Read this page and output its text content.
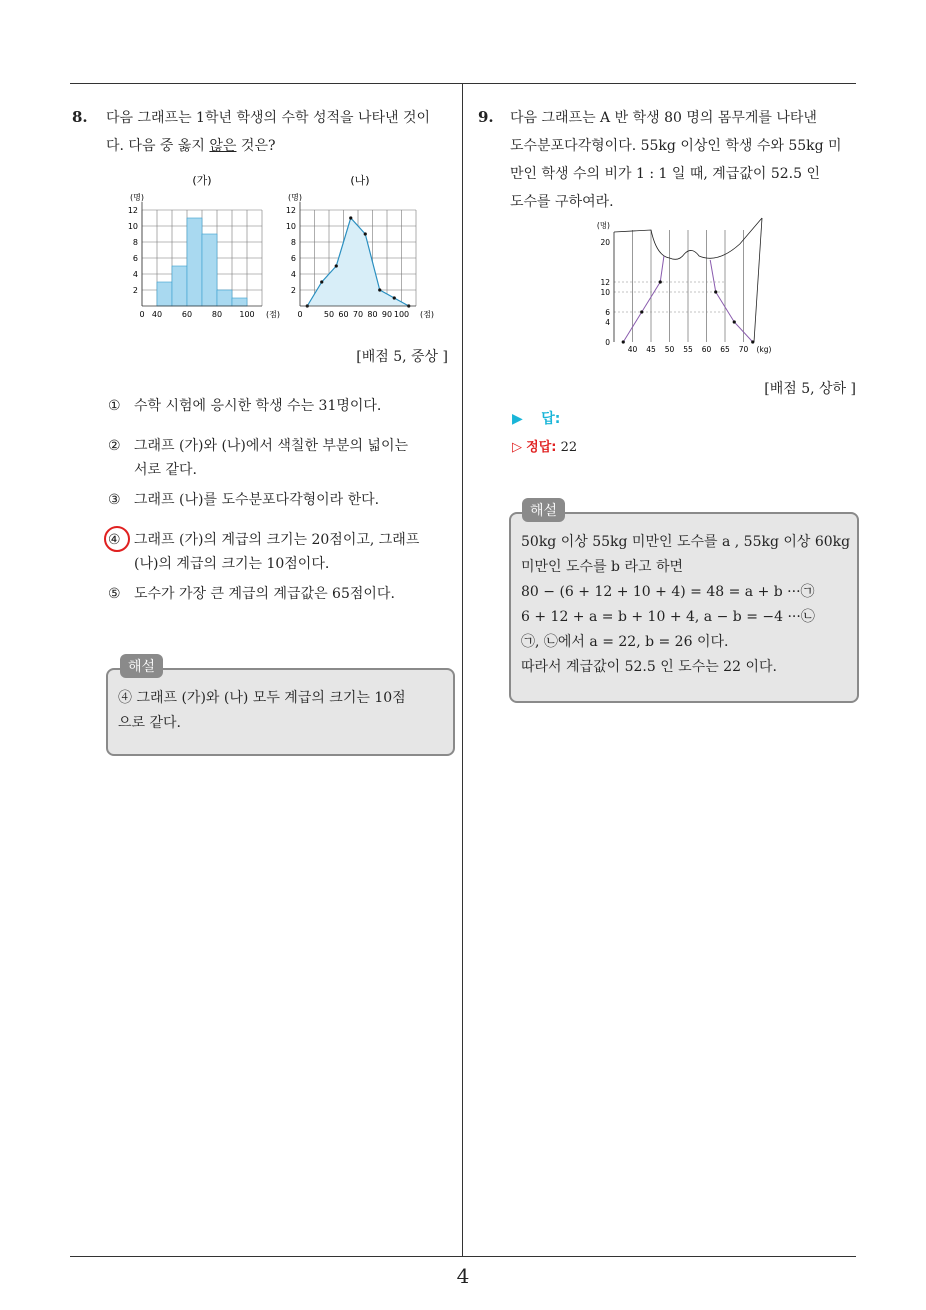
8. 다음 그래프는 1학년 학생의 수학 성적을 나타낸 것이
다. 다음 중 옳지 않은 것은?
(가)	(나)
2
4
6
8
10
12
(명)
0 40 60 80 100 (점)
2
4
6
8
10
12
(명)
0	50 60 70 80 90 100 (점)
[배점 5, 중상 ]
① 수학 시험에 응시한 학생 수는 31명이다.
② 그래프 (가)와 (나)에서 색칠한 부분의 넓이는
서로 같다.
③ 그래프 (나)를 도수분포다각형이라 한다.
④ 그래프 (가)의 계급의 크기는 20점이고, 그래프
(나)의 계급의 크기는 10점이다.
⑤ 도수가 가장 큰 계급의 계급값은 65점이다.
해설
④ 그래프 (가)와 (나) 모두 계급의 크기는 10점
으로 같다.
9. 다음 그래프는 A 반 학생 80 명의 몸무게를 나타낸
도수분포다각형이다. 55kg 이상인 학생 수와 55kg 미
만인 학생 수의 비가 1 : 1 일 때, 계급값이 52.5 인
도수를 구하여라.
0
4
6
10
12
20
(명)
40 45 50 55 60 65 70 (kg)
[배점 5, 상하 ]
▶ 답:
▷ 정답: 22
해설
50kg 이상 55kg 미만인 도수를 a , 55kg 이상 60kg
미만인 도수를 b 라고 하면
80 − (6 + 12 + 10 + 4) = 48 = a + b ···㉠
6 + 12 + a = b + 10 + 4, a − b = −4 ···㉡
㉠, ㉡에서 a = 22, b = 26 이다.
따라서 계급값이 52.5 인 도수는 22 이다.
4
